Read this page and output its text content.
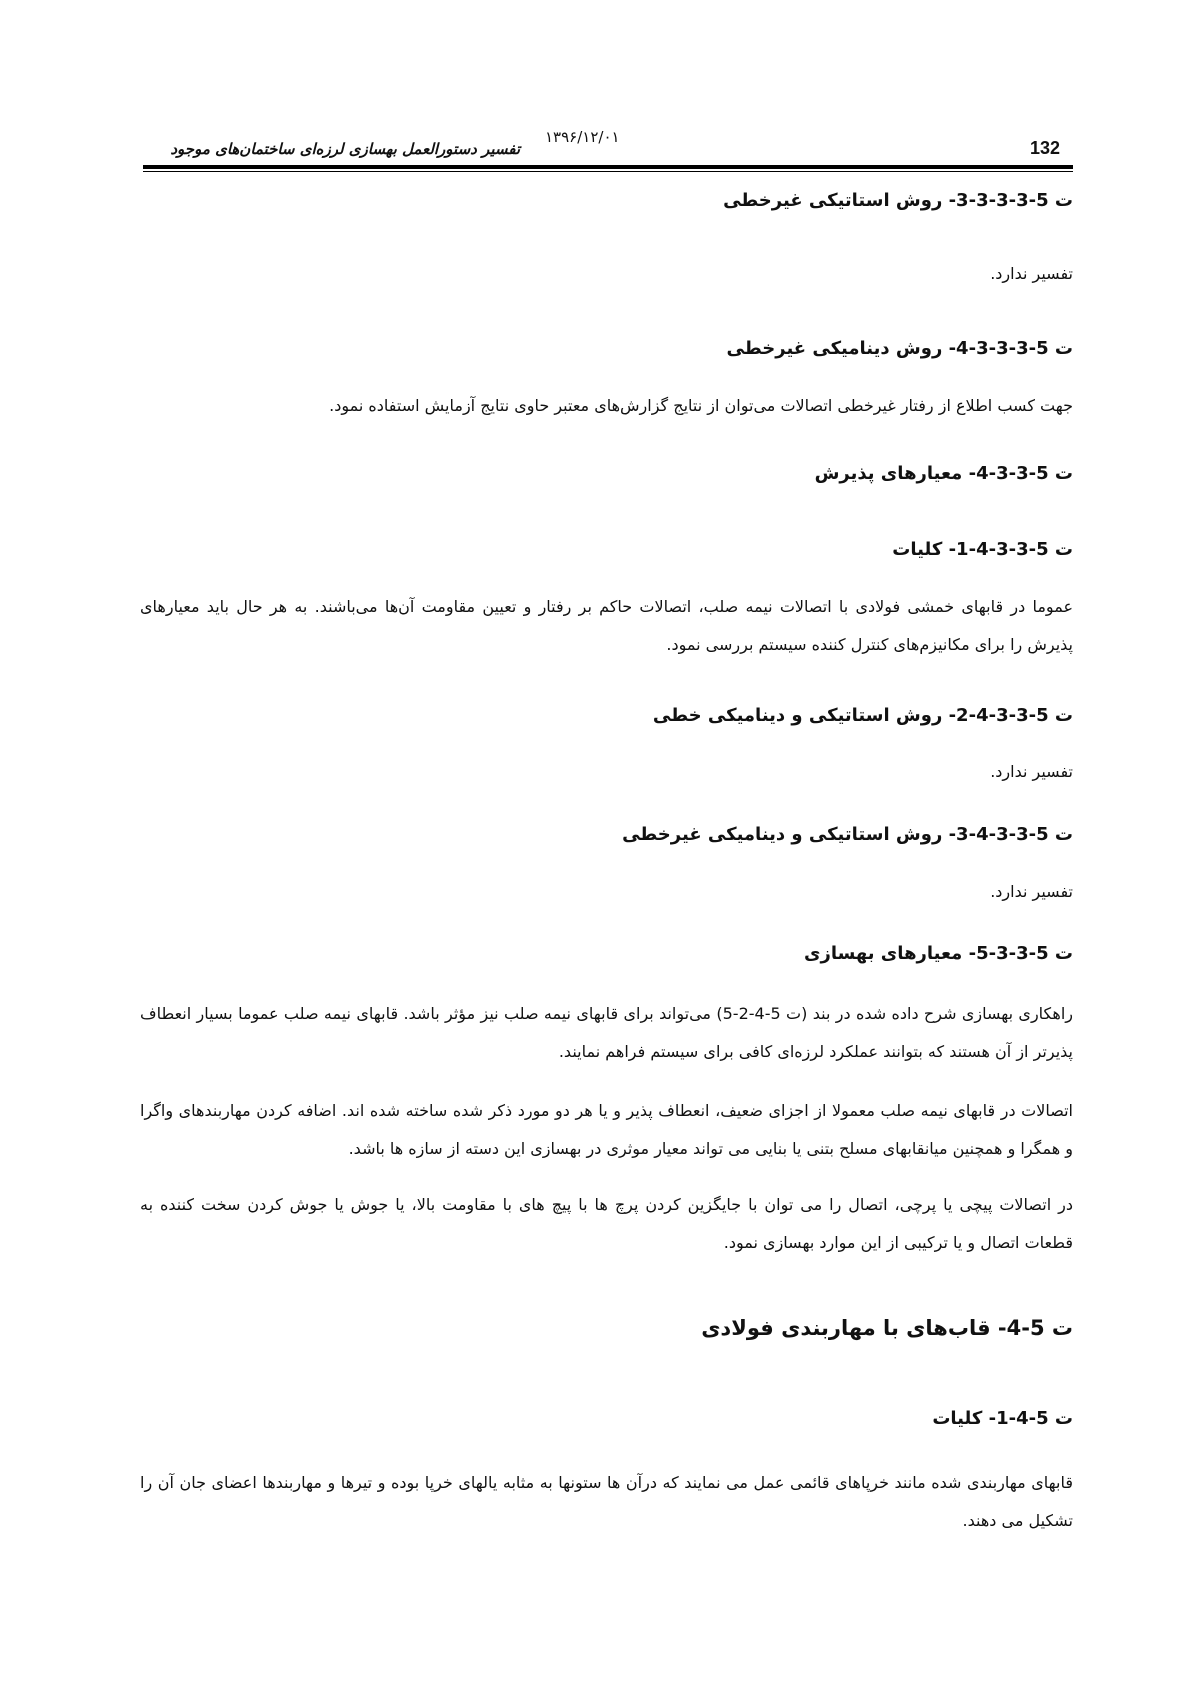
132
۱۳۹۶/۱۲/۰۱
تفسیر دستورالعمل بهسازی لرزه‌ای ساختمان‌های موجود
ت 5-3-3-3-3- روش استاتیکی غیرخطی
تفسیر ندارد.
ت 5-3-3-3-4- روش دینامیکی غیرخطی
جهت کسب اطلاع از رفتار غیرخطی اتصالات می‌توان از نتایج گزارش‌های معتبر حاوی نتایج آزمایش استفاده نمود.
ت 5-3-3-4- معیارهای پذیرش
ت 5-3-3-4-1- کلیات
عموما در قابهای خمشی فولادی با اتصالات نیمه صلب، اتصالات حاکم بر رفتار و تعیین مقاومت آن‌ها می‌باشند. به هر حال باید معیارهای پذیرش را برای مکانیزم‌های کنترل کننده سیستم بررسی نمود.
ت 5-3-3-4-2- روش استاتیکی و دینامیکی خطی
تفسیر ندارد.
ت 5-3-3-4-3- روش استاتیکی و دینامیکی غیرخطی
تفسیر ندارد.
ت 5-3-3-5- معیارهای بهسازی
راهکاری بهسازی شرح داده شده در بند (ت 5-4-2-5) می‌تواند برای قابهای نیمه صلب نیز مؤثر باشد. قابهای نیمه صلب عموما بسیار انعطاف پذیرتر از آن هستند که بتوانند عملکرد لرزه‌ای کافی برای سیستم فراهم نمایند.
اتصالات در قابهای نیمه صلب معمولا از اجزای ضعیف، انعطاف پذیر و یا هر دو مورد ذکر شده ساخته شده اند. اضافه کردن مهاربندهای واگرا و همگرا و همچنین میانقابهای مسلح بتنی یا بنایی می تواند معیار موثری در بهسازی این دسته از سازه ها باشد.
در اتصالات پیچی یا پرچی، اتصال را می توان با جایگزین کردن پرچ ها با پیچ های با مقاومت بالا، یا جوش یا جوش کردن سخت کننده به قطعات اتصال و یا ترکیبی از این موارد بهسازی نمود.
ت 5-4- قاب‌های با مهاربندی فولادی
ت 5-4-1- کلیات
قابهای مهاربندی شده مانند خرپاهای قائمی عمل می نمایند که درآن ها ستونها به مثابه یالهای خرپا بوده و تیرها و مهاربندها اعضای جان آن را تشکیل می دهند.
